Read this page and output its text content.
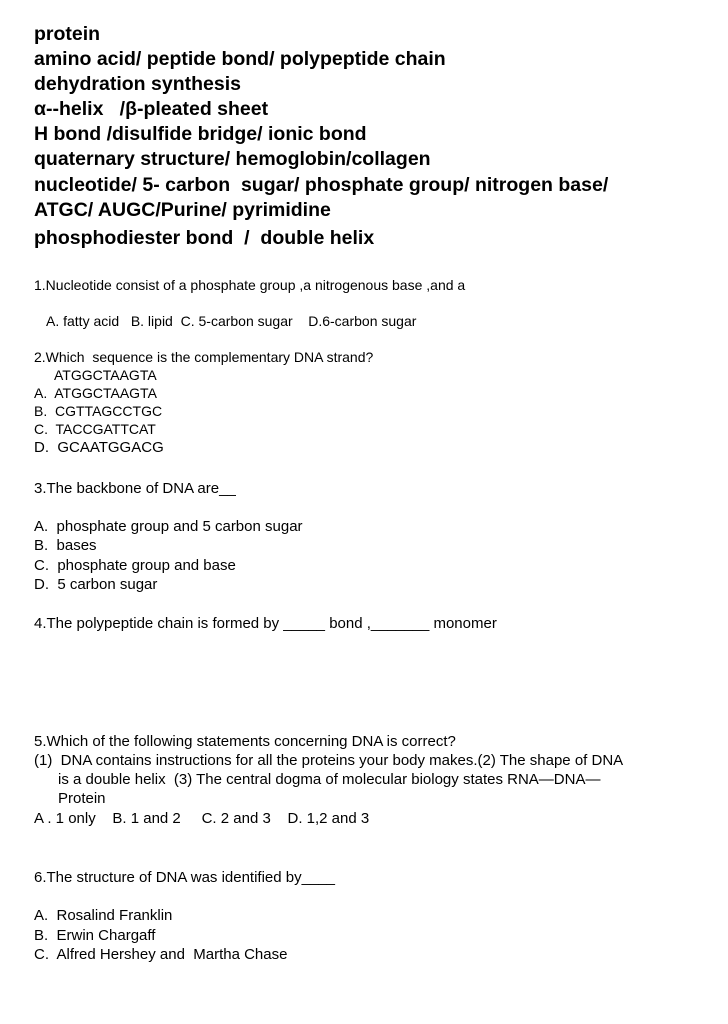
protein
amino acid/ peptide bond/ polypeptide chain
dehydration synthesis
α--helix   /β-pleated sheet
H bond /disulfide bridge/ ionic bond
quaternary structure/ hemoglobin/collagen
nucleotide/ 5- carbon  sugar/ phosphate group/ nitrogen base/
ATGC/ AUGC/Purine/ pyrimidine
phosphodiester bond  /  double helix
1.Nucleotide consist of a phosphate group ,a nitrogenous base ,and a
A. fatty acid   B. lipid  C. 5-carbon sugar    D.6-carbon sugar
2.Which  sequence is the complementary DNA strand?
ATGGCTAAGTA
A.  ATGGCTAAGTA
B.  CGTTAGCCTGC
C.  TACCGATTCAT
D.  GCAATGGACG
3.The backbone of DNA are__
A.  phosphate group and 5 carbon sugar
B.  bases
C.  phosphate group and base
D.  5 carbon sugar
4.The polypeptide chain is formed by _____ bond ,_______ monomer
5.Which of the following statements concerning DNA is correct?
(1)  DNA contains instructions for all the proteins your body makes.(2) The shape of DNA
is a double helix  (3) The central dogma of molecular biology states RNA—DNA—
Protein
A . 1 only    B. 1 and 2     C. 2 and 3    D. 1,2 and 3
6.The structure of DNA was identified by____
A.  Rosalind Franklin
B.  Erwin Chargaff
C.  Alfred Hershey and  Martha Chase
